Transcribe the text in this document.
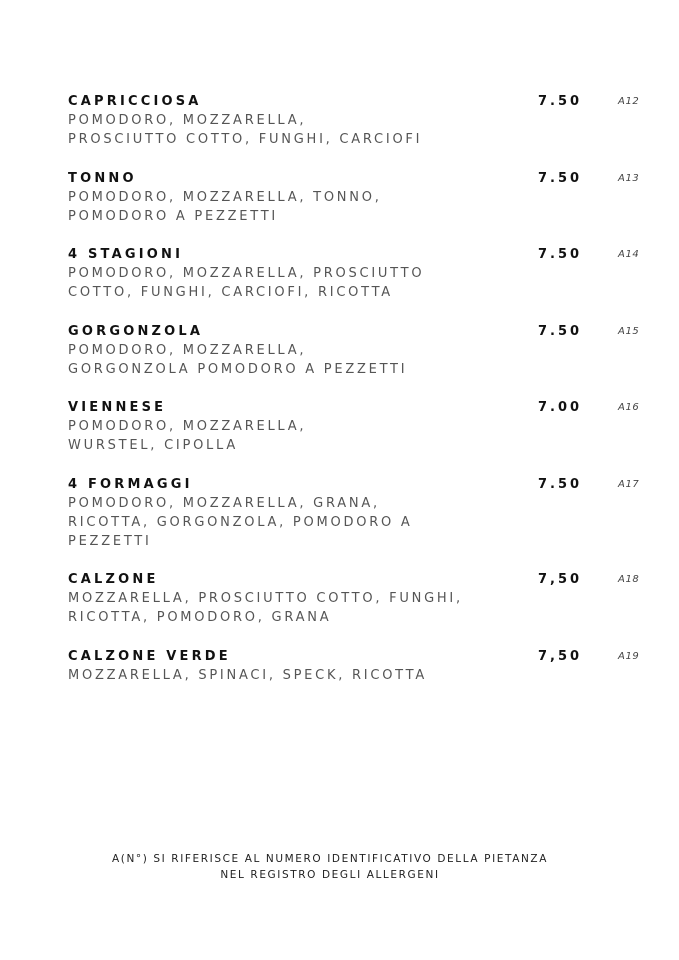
CAPRICCIOSA	7.50	A12
POMODORO, MOZZARELLA,
PROSCIUTTO COTTO, FUNGHI, CARCIOFI
TONNO	7.50	A13
POMODORO, MOZZARELLA, TONNO,
POMODORO A PEZZETTI
4 STAGIONI	7.50	A14
POMODORO, MOZZARELLA, PROSCIUTTO
COTTO, FUNGHI, CARCIOFI, RICOTTA
GORGONZOLA	7.50	A15
POMODORO, MOZZARELLA,
GORGONZOLA POMODORO A PEZZETTI
VIENNESE	7.00	A16
POMODORO, MOZZARELLA,
WURSTEL, CIPOLLA
4 FORMAGGI	7.50	A17
POMODORO, MOZZARELLA, GRANA,
RICOTTA, GORGONZOLA, POMODORO A
PEZZETTI
CALZONE	7,50	A18
MOZZARELLA, PROSCIUTTO COTTO, FUNGHI,
RICOTTA, POMODORO, GRANA
CALZONE VERDE	7,50	A19
MOZZARELLA, SPINACI, SPECK, RICOTTA
A(N°) SI RIFERISCE AL NUMERO IDENTIFICATIVO DELLA PIETANZA
NEL REGISTRO DEGLI ALLERGENI
